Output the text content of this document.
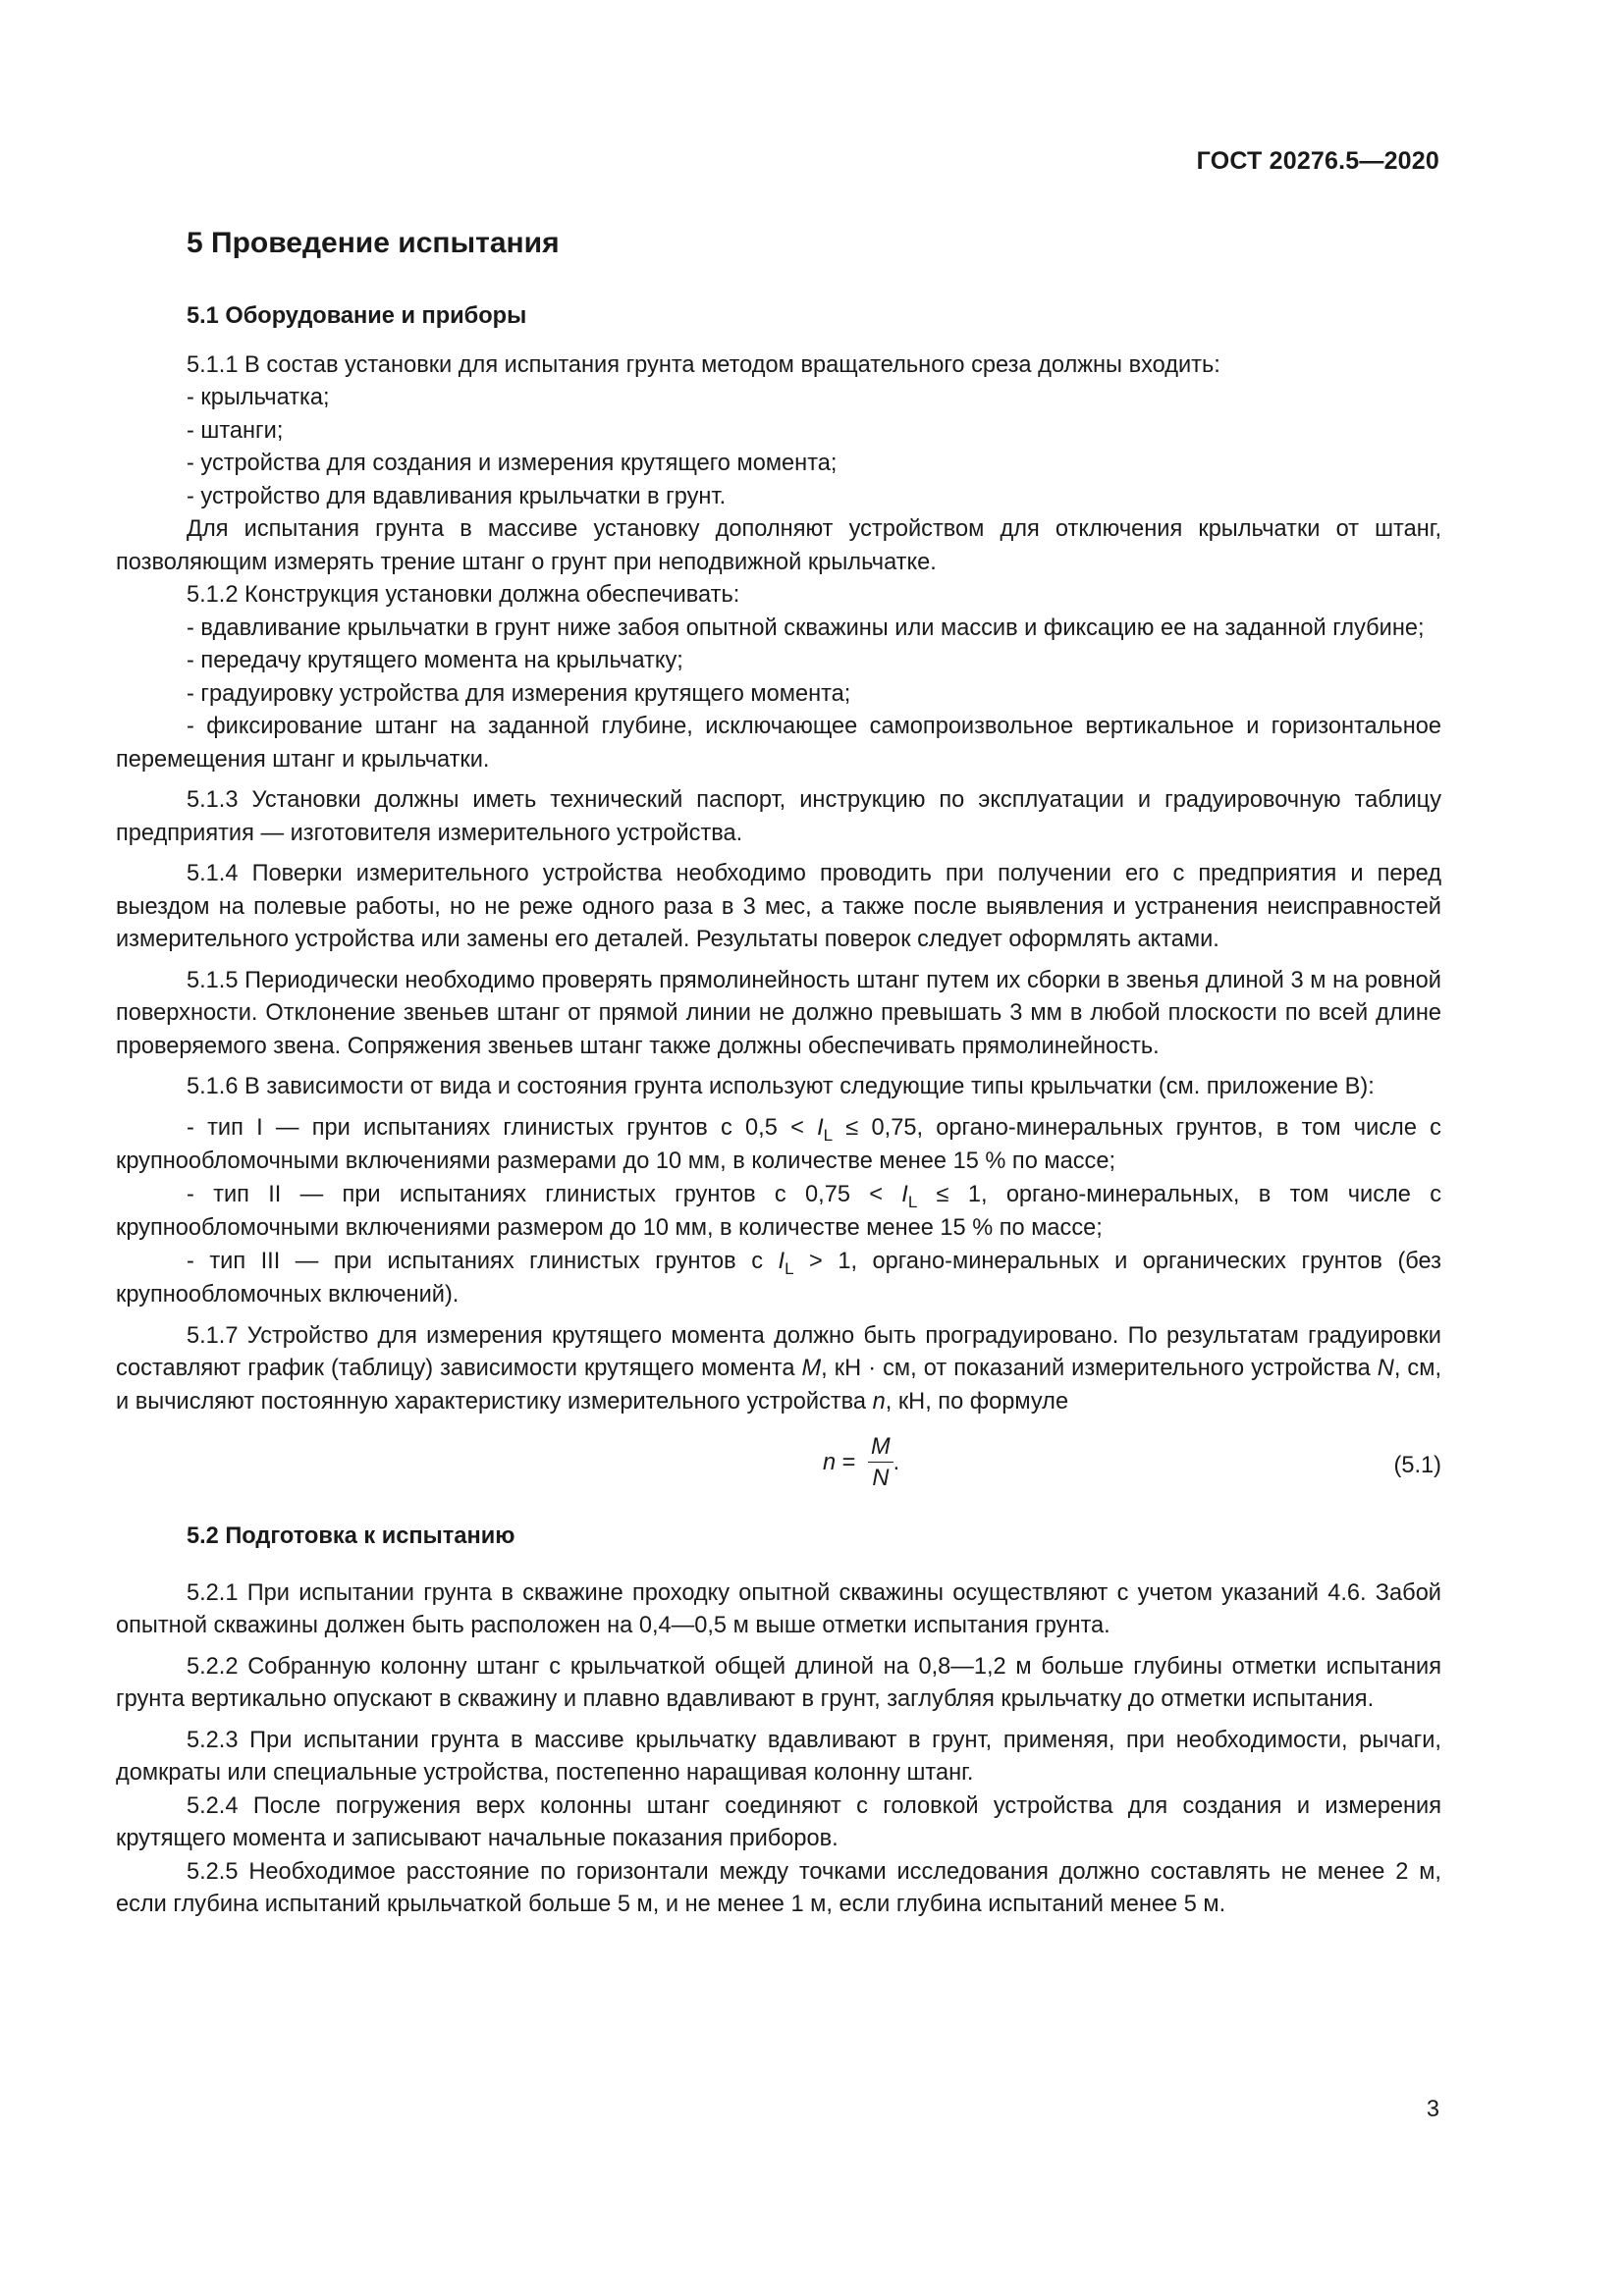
ГОСТ 20276.5—2020
5 Проведение испытания
5.1 Оборудование и приборы

5.1.1 В состав установки для испытания грунта методом вращательного среза должны входить:

- крыльчатка;

- штанги;

- устройства для создания и измерения крутящего момента;

- устройство для вдавливания крыльчатки в грунт.

Для испытания грунта в массиве установку дополняют устройством для отключения крыльчатки от штанг, позволяющим измерять трение штанг о грунт при неподвижной крыльчатке.

5.1.2 Конструкция установки должна обеспечивать:

- вдавливание крыльчатки в грунт ниже забоя опытной скважины или массив и фиксацию ее на заданной глубине;

- передачу крутящего момента на крыльчатку;

- градуировку устройства для измерения крутящего момента;

- фиксирование штанг на заданной глубине, исключающее самопроизвольное вертикальное и горизонтальное перемещения штанг и крыльчатки.

5.1.3 Установки должны иметь технический паспорт, инструкцию по эксплуатации и градуировочную таблицу предприятия — изготовителя измерительного устройства.

5.1.4 Поверки измерительного устройства необходимо проводить при получении его с предприятия и перед выездом на полевые работы, но не реже одного раза в 3 мес, а также после выявления и устранения неисправностей измерительного устройства или замены его деталей. Результаты поверок следует оформлять актами.

5.1.5 Периодически необходимо проверять прямолинейность штанг путем их сборки в звенья длиной 3 м на ровной поверхности. Отклонение звеньев штанг от прямой линии не должно превышать 3 мм в любой плоскости по всей длине проверяемого звена. Сопряжения звеньев штанг также должны обеспечивать прямолинейность.

5.1.6 В зависимости от вида и состояния грунта используют следующие типы крыльчатки (см. приложение В):

- тип I — при испытаниях глинистых грунтов с $0,5 < I_L \le 0,75$, органо-минеральных грунтов, в том числе с крупнообломочными включениями размерами до 10 мм, в количестве менее 15 % по массе;

- тип II — при испытаниях глинистых грунтов с $0,75 < I_L \le 1$, органо-минеральных, в том числе с крупнообломочными включениями размером до 10 мм, в количестве менее 15 % по массе;

- тип III — при испытаниях глинистых грунтов с $I_L > 1$, органо-минеральных и органических грунтов (без крупнообломочных включений).

5.1.7 Устройство для измерения крутящего момента должно быть проградуировано. По результатам градуировки составляют график (таблицу) зависимости крутящего момента M, кН · см, от показаний измерительного устройства N, см, и вычисляют постоянную характеристику измерительного устройства n, кН, по формуле

$n = \frac{M}{N}$ .	(5.1)
5.2 Подготовка к испытанию

5.2.1 При испытании грунта в скважине проходку опытной скважины осуществляют с учетом указаний 4.6. Забой опытной скважины должен быть расположен на 0,4—0,5 м выше отметки испытания грунта.

5.2.2 Собранную колонну штанг с крыльчаткой общей длиной на 0,8—1,2 м больше глубины отметки испытания грунта вертикально опускают в скважину и плавно вдавливают в грунт, заглубляя крыльчатку до отметки испытания.

5.2.3 При испытании грунта в массиве крыльчатку вдавливают в грунт, применяя, при необходимости, рычаги, домкраты или специальные устройства, постепенно наращивая колонну штанг.

5.2.4 После погружения верх колонны штанг соединяют с головкой устройства для создания и измерения крутящего момента и записывают начальные показания приборов.

5.2.5 Необходимое расстояние по горизонтали между точками исследования должно составлять не менее 2 м, если глубина испытаний крыльчаткой больше 5 м, и не менее 1 м, если глубина испытаний менее 5 м.

3
